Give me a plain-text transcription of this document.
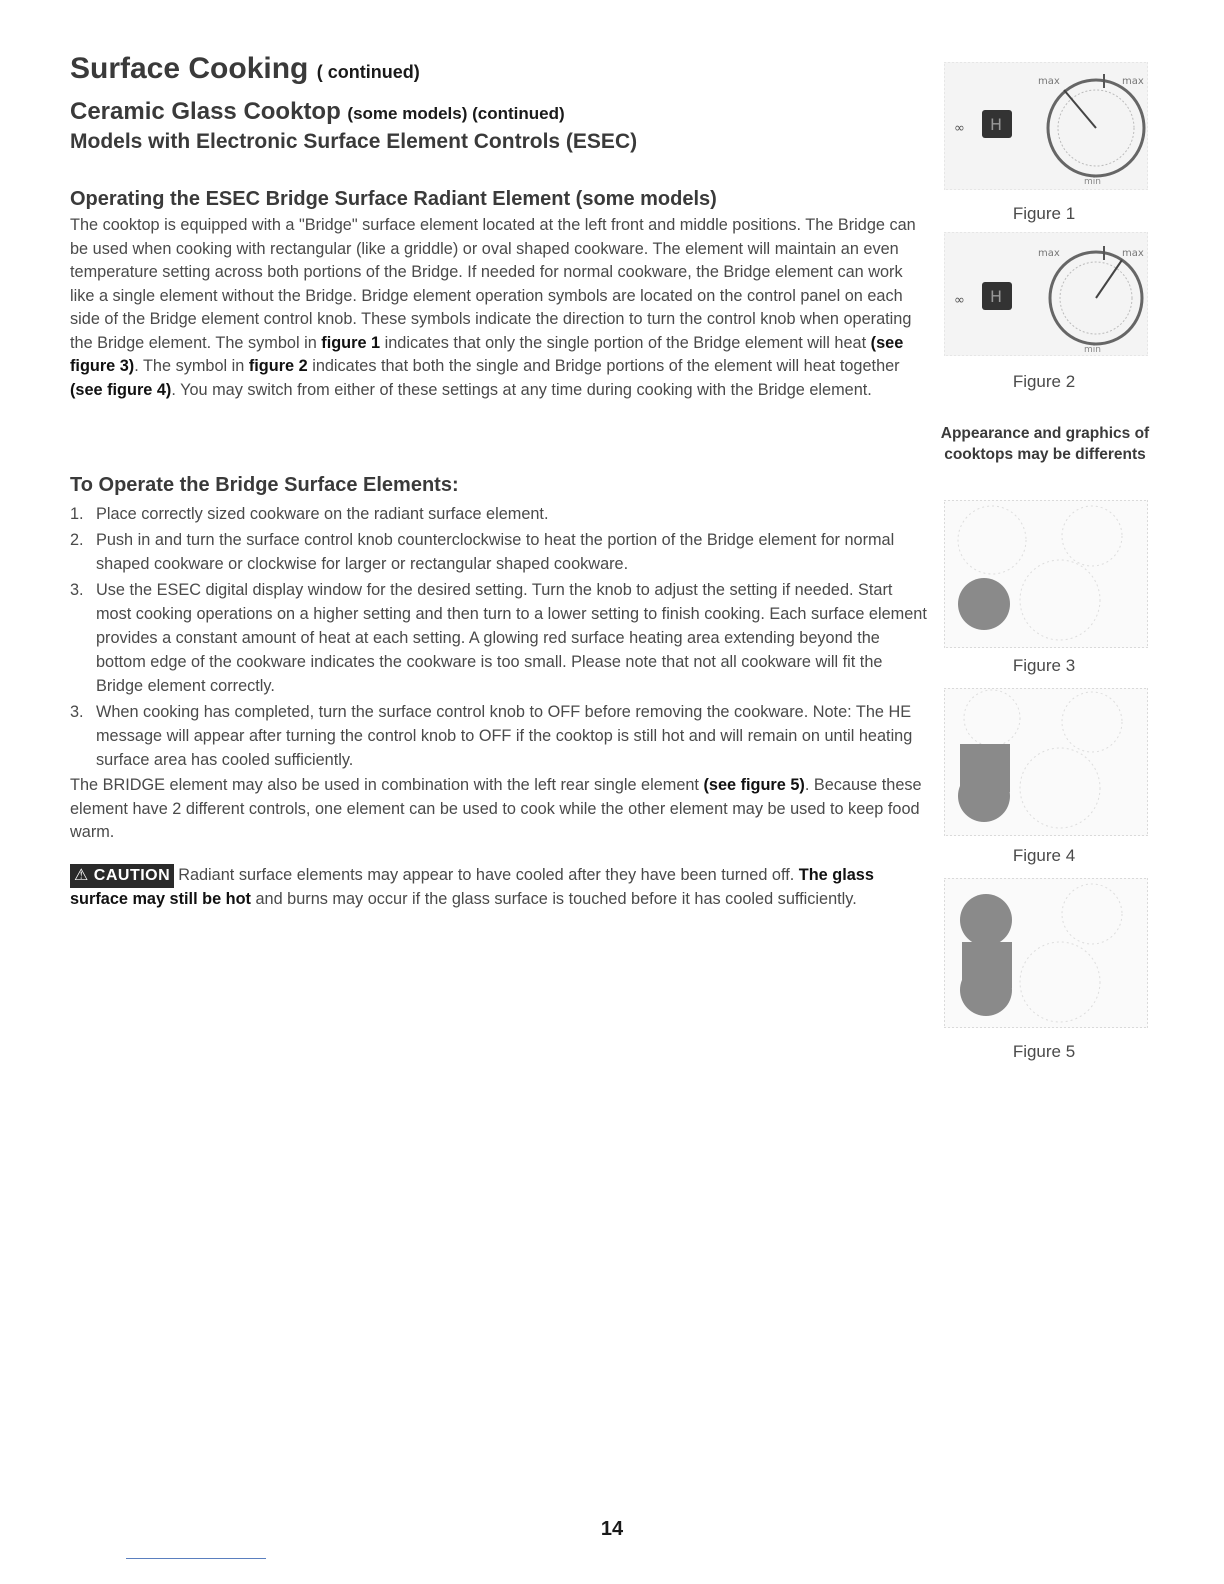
Surface Cooking ( continued)
Ceramic Glass Cooktop (some models) (continued)
Models with Electronic Surface Element Controls (ESEC)
Operating the ESEC Bridge Surface Radiant Element (some models)
The cooktop is equipped with a "Bridge" surface element located at the left front and middle positions. The Bridge can be used when cooking with rectangular (like a griddle) or oval shaped cookware. The element will maintain an even temperature setting across both portions of the Bridge. If needed for normal cookware, the Bridge element can work like a single element without the Bridge. Bridge element operation symbols are located on the control panel on each side of the Bridge element control knob. These symbols indicate the direction to turn the control knob when operating the Bridge element. The symbol in figure 1 indicates that only the single portion of the Bridge element will heat (see figure 3). The symbol in figure 2 indicates that both the single and Bridge portions of the element will heat together (see figure 4). You may switch from either of these settings at any time during cooking with the Bridge element.
To Operate the Bridge Surface Elements:
1. Place correctly sized cookware on the radiant surface element.
2. Push in and turn the surface control knob counterclockwise to heat the portion of the Bridge element for normal shaped cookware or clockwise for larger or rectangular shaped cookware.
3. Use the ESEC digital display window for the desired setting. Turn the knob to adjust the setting if needed. Start most cooking operations on a higher setting and then turn to a lower setting to finish cooking. Each surface element provides a constant amount of heat at each setting. A glowing red surface heating area extending beyond the bottom edge of the cookware indicates the cookware is too small. Please note that not all cookware will fit the Bridge element correctly.
3. When cooking has completed, turn the surface control knob to OFF before removing the cookware. Note: The HE message will appear after turning the control knob to OFF if the cooktop is still hot and will remain on until heating surface area has cooled sufficiently.
The BRIDGE element may also be used in combination with the left rear single element (see figure 5). Because these element have 2 different controls, one element can be used to cook while the other element may be used to keep food warm.
⚠ CAUTION Radiant surface elements may appear to have cooled after they have been turned off. The glass surface may still be hot and burns may occur if the glass surface is touched before it has cooled sufficiently.
∞ H
max	max
min
Figure 1
∞ H
max	max
min
Figure 2
Appearance and graphics of cooktops may be differents
Figure 3
Figure 4
Figure 5
14
